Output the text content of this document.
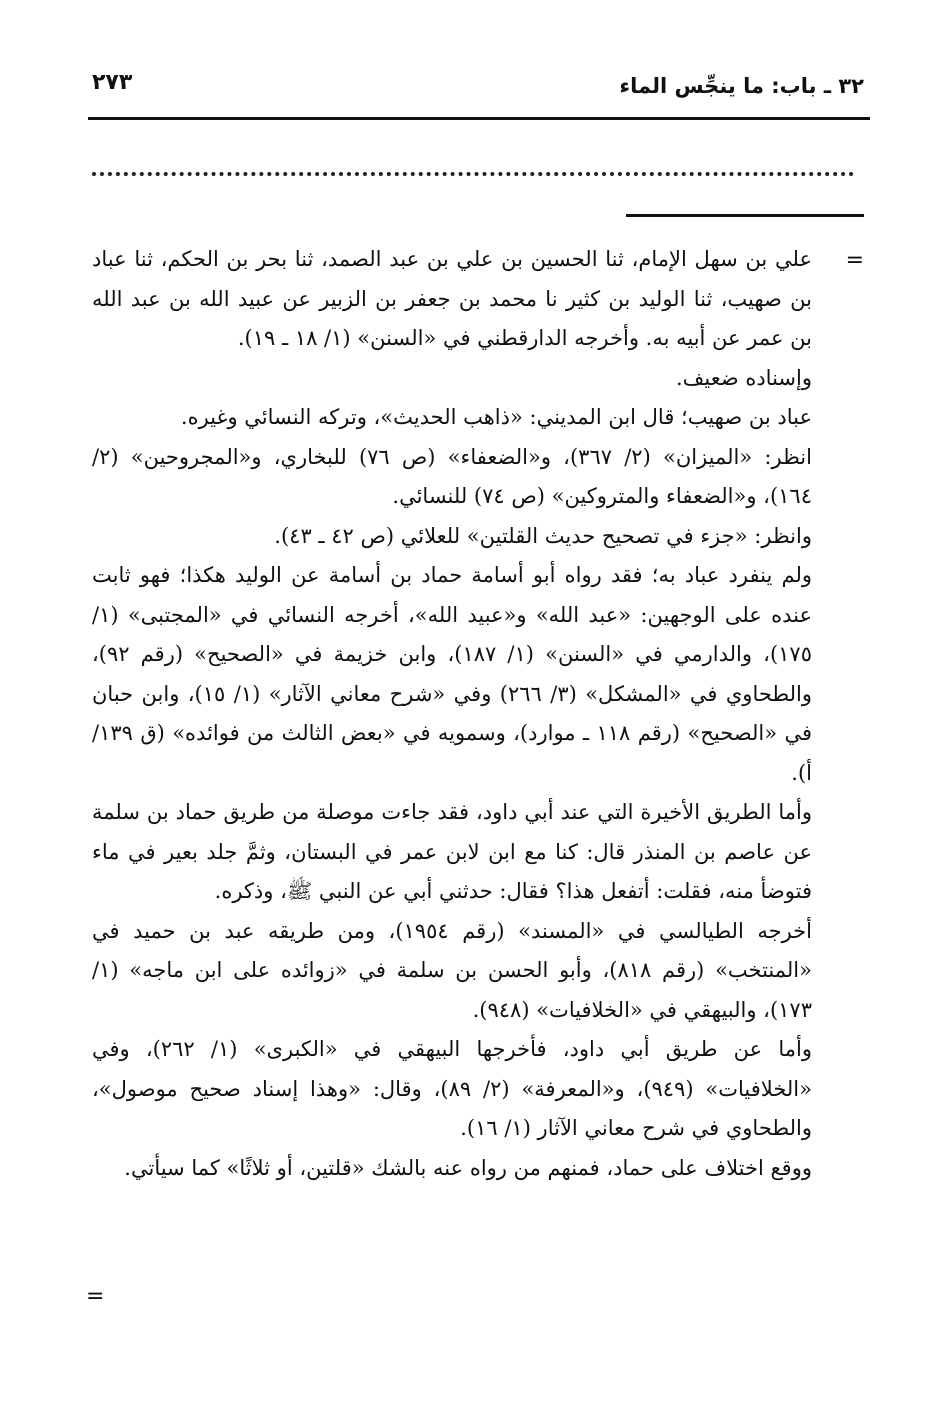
٣٢ ـ باب: ما ينجِّس الماء
٢٧٣
=

علي بن سهل الإمام، ثنا الحسين بن علي بن عبد الصمد، ثنا بحر بن الحكم، ثنا عباد بن صهيب، ثنا الوليد بن كثير نا محمد بن جعفر بن الزبير عن عبيد الله بن عبد الله بن عمر عن أبيه به. وأخرجه الدارقطني في «السنن» (١/ ١٨ ـ ١٩).

وإسناده ضعيف.

عباد بن صهيب؛ قال ابن المديني: «ذاهب الحديث»، وتركه النسائي وغيره.

انظر: «الميزان» (٢/ ٣٦٧)، و«الضعفاء» (ص ٧٦) للبخاري، و«المجروحين» (٢/ ١٦٤)، و«الضعفاء والمتروكين» (ص ٧٤) للنسائي.

وانظر: «جزء في تصحيح حديث القلتين» للعلائي (ص ٤٢ ـ ٤٣).

ولم ينفرد عباد به؛ فقد رواه أبو أسامة حماد بن أسامة عن الوليد هكذا؛ فهو ثابت عنده على الوجهين: «عبد الله» و«عبيد الله»، أخرجه النسائي في «المجتبى» (١/ ١٧٥)، والدارمي في «السنن» (١/ ١٨٧)، وابن خزيمة في «الصحيح» (رقم ٩٢)، والطحاوي في «المشكل» (٣/ ٢٦٦) وفي «شرح معاني الآثار» (١/ ١٥)، وابن حبان في «الصحيح» (رقم ١١٨ ـ موارد)، وسمويه في «بعض الثالث من فوائده» (ق ١٣٩/ أ).

وأما الطريق الأخيرة التي عند أبي داود، فقد جاءت موصلة من طريق حماد بن سلمة عن عاصم بن المنذر قال: كنا مع ابن لابن عمر في البستان، وثمَّ جلد بعير في ماء فتوضأ منه، فقلت: أتفعل هذا؟ فقال: حدثني أبي عن النبي ﷺ، وذكره.

أخرجه الطيالسي في «المسند» (رقم ١٩٥٤)، ومن طريقه عبد بن حميد في «المنتخب» (رقم ٨١٨)، وأبو الحسن بن سلمة في «زوائده على ابن ماجه» (١/ ١٧٣)، والبيهقي في «الخلافيات» (٩٤٨).

وأما عن طريق أبي داود، فأخرجها البيهقي في «الكبرى» (١/ ٢٦٢)، وفي «الخلافيات» (٩٤٩)، و«المعرفة» (٢/ ٨٩)، وقال: «وهذا إسناد صحيح موصول»، والطحاوي في شرح معاني الآثار (١/ ١٦).

ووقع اختلاف على حماد، فمنهم من رواه عنه بالشك «قلتين، أو ثلاثًا» كما سيأتي.

=
